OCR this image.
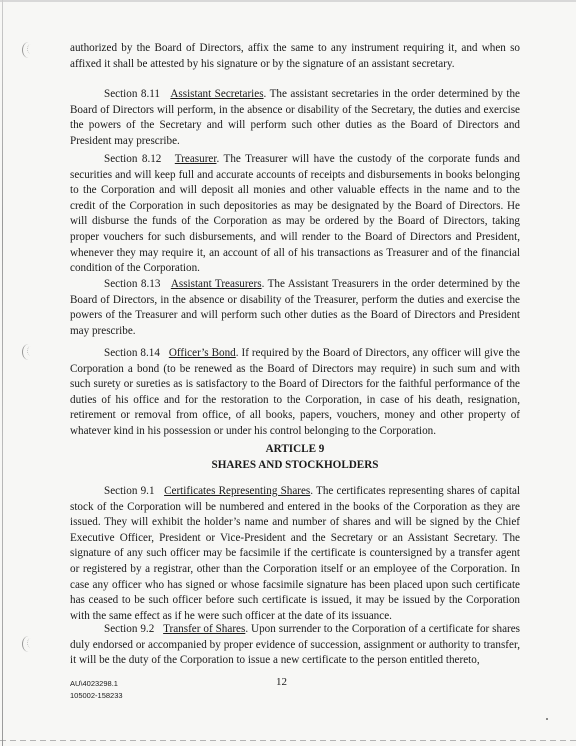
authorized by the Board of Directors, affix the same to any instrument requiring it, and when so affixed it shall be attested by his signature or by the signature of an assistant secretary.

Section 8.11 Assistant Secretaries. The assistant secretaries in the order determined by the Board of Directors will perform, in the absence or disability of the Secretary, the duties and exercise the powers of the Secretary and will perform such other duties as the Board of Directors and President may prescribe.

Section 8.12 Treasurer. The Treasurer will have the custody of the corporate funds and securities and will keep full and accurate accounts of receipts and disbursements in books belonging to the Corporation and will deposit all monies and other valuable effects in the name and to the credit of the Corporation in such depositories as may be designated by the Board of Directors. He will disburse the funds of the Corporation as may be ordered by the Board of Directors, taking proper vouchers for such disbursements, and will render to the Board of Directors and President, whenever they may require it, an account of all of his transactions as Treasurer and of the financial condition of the Corporation.

Section 8.13 Assistant Treasurers. The Assistant Treasurers in the order determined by the Board of Directors, in the absence or disability of the Treasurer, perform the duties and exercise the powers of the Treasurer and will perform such other duties as the Board of Directors and President may prescribe.

Section 8.14 Officer’s Bond. If required by the Board of Directors, any officer will give the Corporation a bond (to be renewed as the Board of Directors may require) in such sum and with such surety or sureties as is satisfactory to the Board of Directors for the faithful performance of the duties of his office and for the restoration to the Corporation, in case of his death, resignation, retirement or removal from office, of all books, papers, vouchers, money and other property of whatever kind in his possession or under his control belonging to the Corporation.

ARTICLE 9
SHARES AND STOCKHOLDERS

Section 9.1 Certificates Representing Shares. The certificates representing shares of capital stock of the Corporation will be numbered and entered in the books of the Corporation as they are issued. They will exhibit the holder’s name and number of shares and will be signed by the Chief Executive Officer, President or Vice-President and the Secretary or an Assistant Secretary. The signature of any such officer may be facsimile if the certificate is countersigned by a transfer agent or registered by a registrar, other than the Corporation itself or an employee of the Corporation. In case any officer who has signed or whose facsimile signature has been placed upon such certificate has ceased to be such officer before such certificate is issued, it may be issued by the Corporation with the same effect as if he were such officer at the date of its issuance.

Section 9.2 Transfer of Shares. Upon surrender to the Corporation of a certificate for shares duly endorsed or accompanied by proper evidence of succession, assignment or authority to transfer, it will be the duty of the Corporation to issue a new certificate to the person entitled thereto,

AU\4023298.1
105002-158233
12
